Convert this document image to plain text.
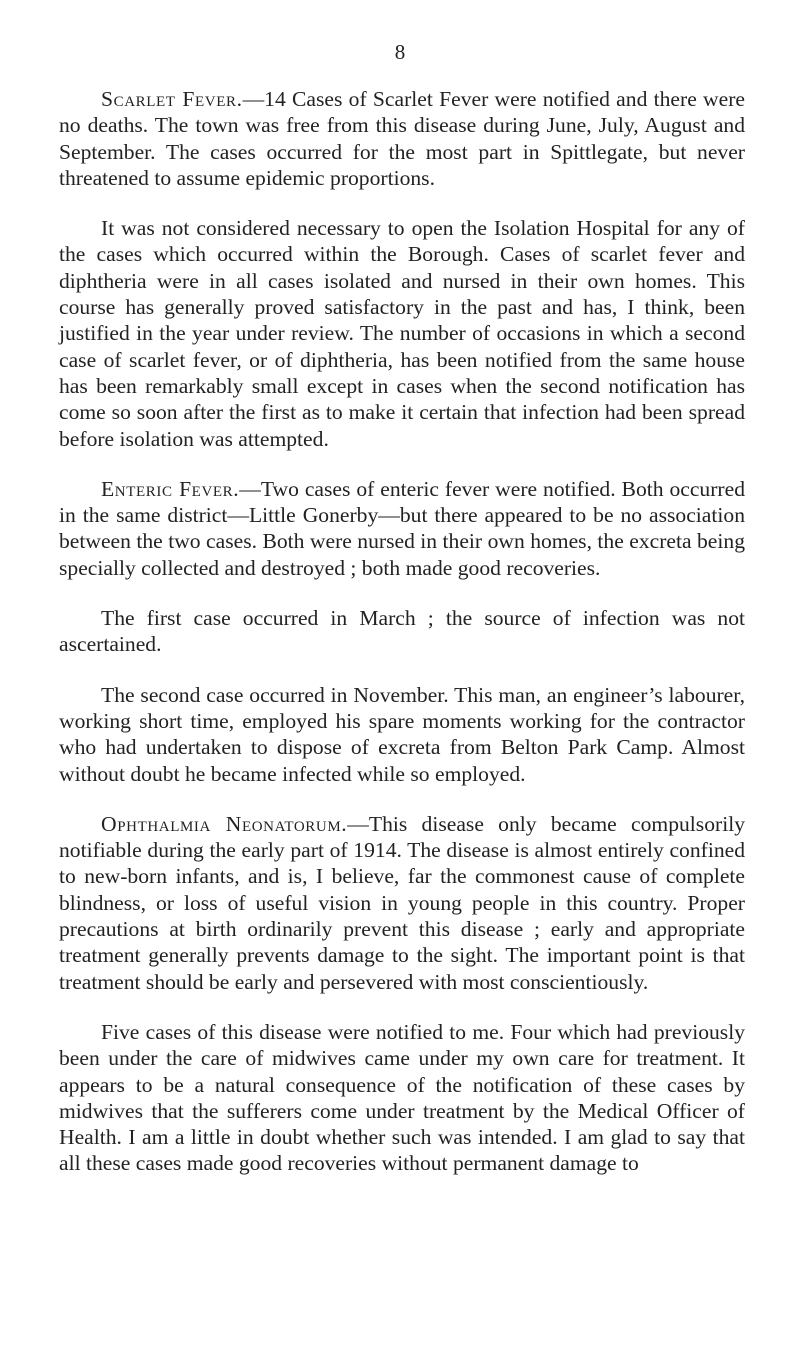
8

Scarlet Fever.—14 Cases of Scarlet Fever were notified and there were no deaths. The town was free from this disease during June, July, August and September. The cases occurred for the most part in Spittlegate, but never threatened to assume epidemic proportions.

It was not considered necessary to open the Isolation Hospital for any of the cases which occurred within the Borough. Cases of scarlet fever and diphtheria were in all cases isolated and nursed in their own homes. This course has generally proved satisfactory in the past and has, I think, been justified in the year under review. The number of occasions in which a second case of scarlet fever, or of diphtheria, has been notified from the same house has been remarkably small except in cases when the second notification has come so soon after the first as to make it certain that infection had been spread before isolation was attempted.

Enteric Fever.—Two cases of enteric fever were notified. Both occurred in the same district—Little Gonerby—but there appeared to be no association between the two cases. Both were nursed in their own homes, the excreta being specially collected and destroyed ; both made good recoveries.

The first case occurred in March ; the source of infection was not ascertained.

The second case occurred in November. This man, an engineer’s labourer, working short time, employed his spare moments working for the contractor who had undertaken to dispose of excreta from Belton Park Camp. Almost without doubt he became infected while so employed.

Ophthalmia Neonatorum.—This disease only became compulsorily notifiable during the early part of 1914. The disease is almost entirely confined to new-born infants, and is, I believe, far the commonest cause of complete blindness, or loss of useful vision in young people in this country. Proper precautions at birth ordinarily prevent this disease ; early and appropriate treatment generally prevents damage to the sight. The important point is that treatment should be early and persevered with most conscientiously.

Five cases of this disease were notified to me. Four which had previously been under the care of midwives came under my own care for treatment. It appears to be a natural consequence of the notification of these cases by midwives that the sufferers come under treatment by the Medical Officer of Health. I am a little in doubt whether such was intended. I am glad to say that all these cases made good recoveries without permanent damage to
